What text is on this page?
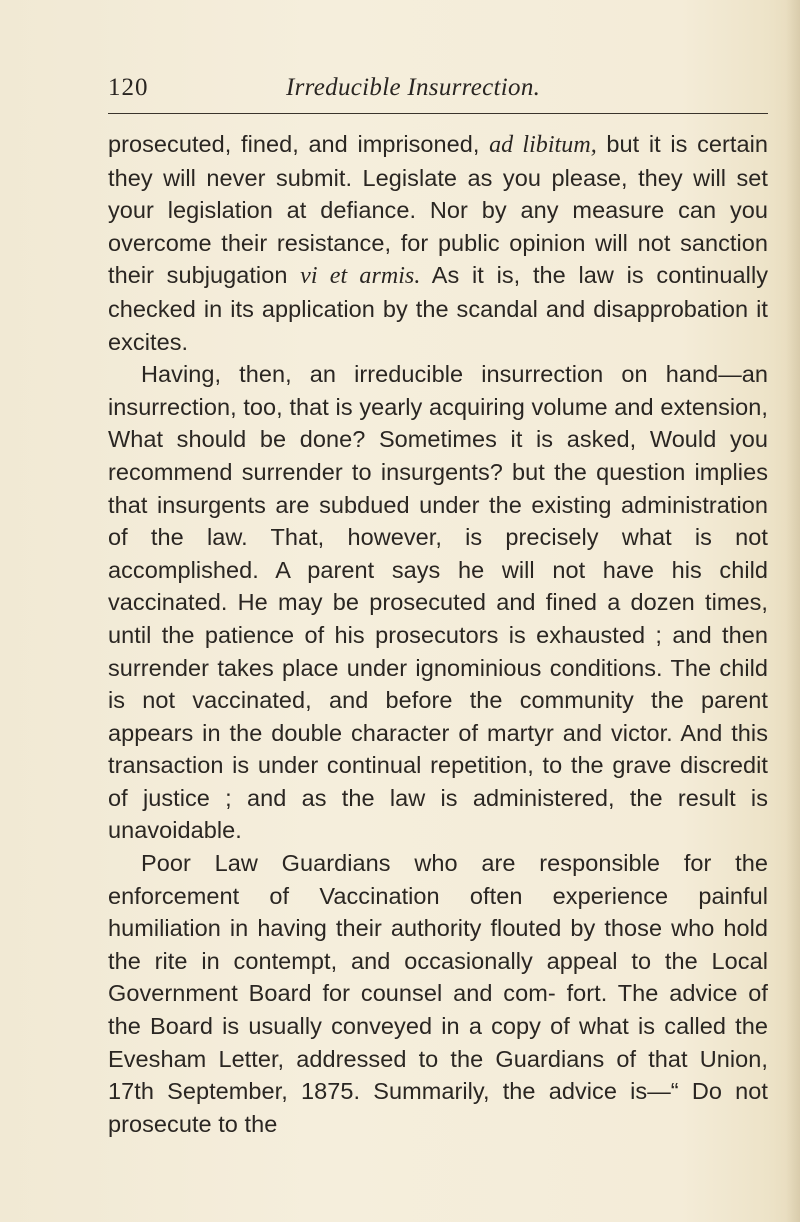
120	Irreducible Insurrection.

prosecuted, fined, and imprisoned, ad libitum, but it is certain they will never submit. Legislate as you please, they will set your legislation at defiance. Nor by any measure can you overcome their resistance, for public opinion will not sanction their subjugation vi et armis. As it is, the law is continually checked in its application by the scandal and disapprobation it excites.

Having, then, an irreducible insurrection on hand—an insurrection, too, that is yearly acquiring volume and extension, What should be done? Sometimes it is asked, Would you recommend surrender to insurgents? but the question implies that insurgents are subdued under the existing administration of the law. That, however, is precisely what is not accomplished. A parent says he will not have his child vaccinated. He may be prosecuted and fined a dozen times, until the patience of his prosecutors is exhausted ; and then surrender takes place under ignominious conditions. The child is not vaccinated, and before the community the parent appears in the double character of martyr and victor. And this transaction is under continual repetition, to the grave discredit of justice ; and as the law is administered, the result is unavoidable.

Poor Law Guardians who are responsible for the enforcement of Vaccination often experience painful humiliation in having their authority flouted by those who hold the rite in contempt, and occasionally appeal to the Local Government Board for counsel and com- fort. The advice of the Board is usually conveyed in a copy of what is called the Evesham Letter, addressed to the Guardians of that Union, 17th September, 1875. Summarily, the advice is—“ Do not prosecute to the
